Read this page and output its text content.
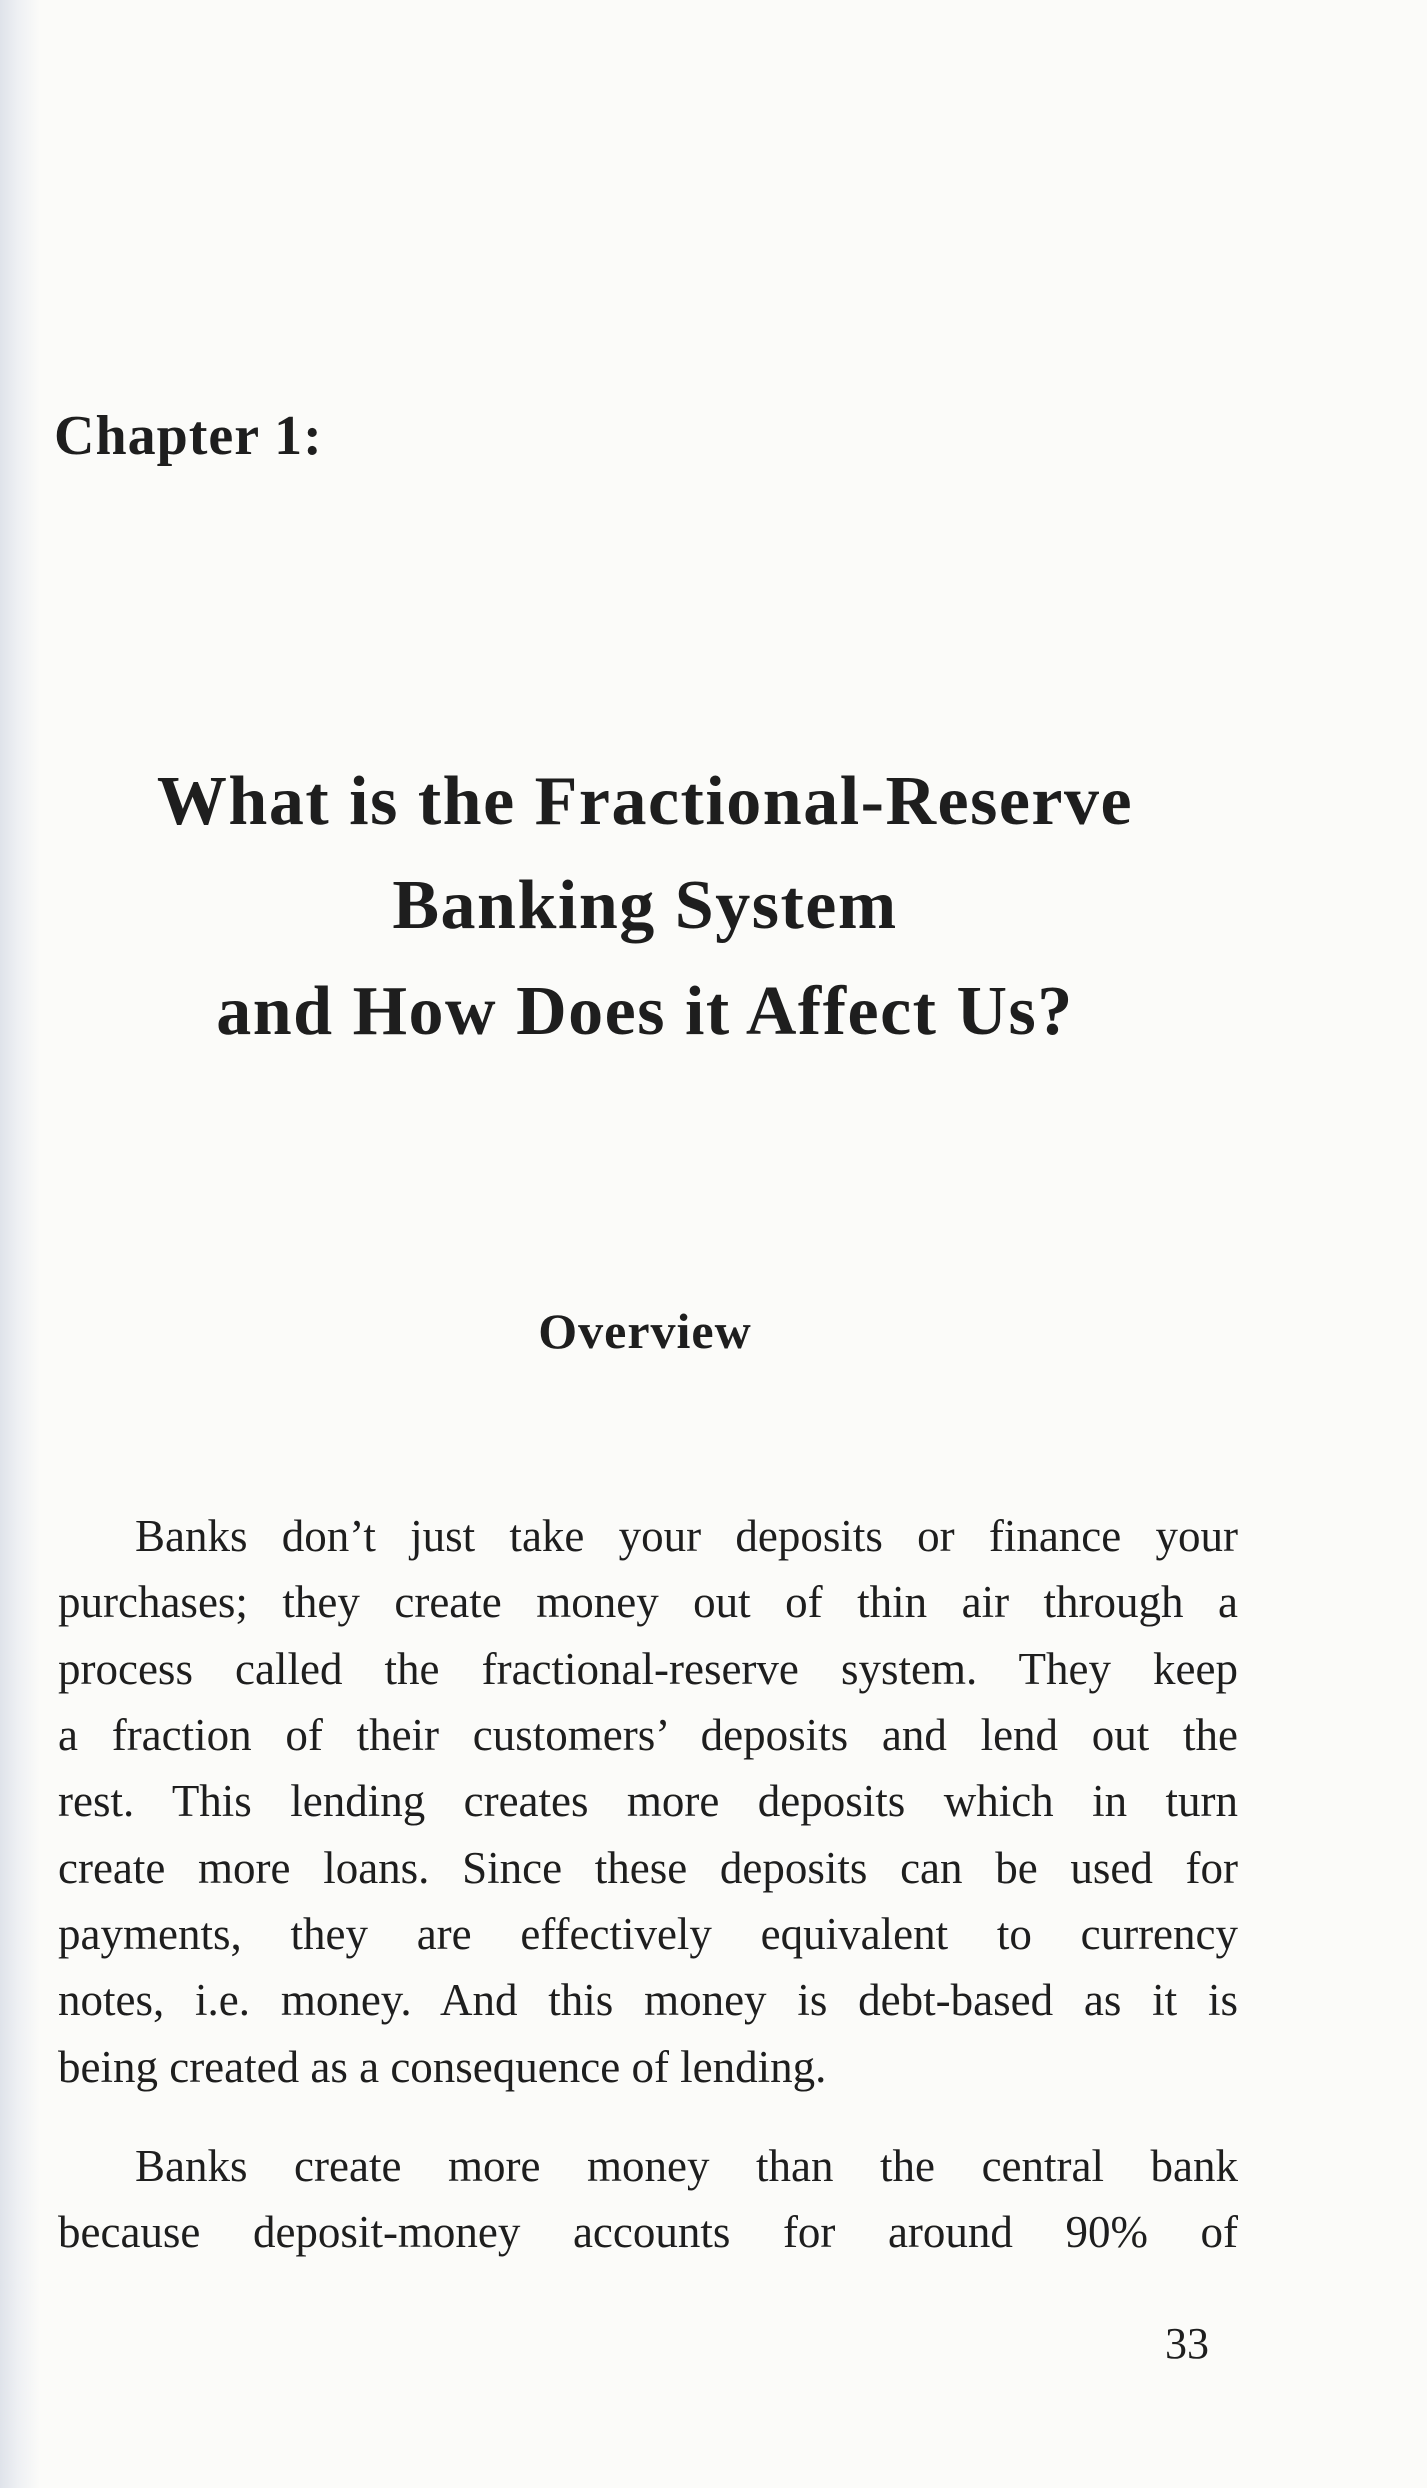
Chapter 1:
What is the Fractional-Reserve
Banking System
and How Does it Affect Us?
Overview
Banks don’t just take your deposits or finance your
purchases; they create money out of thin air through a
process called the fractional-reserve system. They keep
a fraction of their customers’ deposits and lend out the
rest. This lending creates more deposits which in turn
create more loans. Since these deposits can be used for
payments, they are effectively equivalent to currency
notes, i.e. money. And this money is debt-based as it is
being created as a consequence of lending.
Banks create more money than the central bank
because deposit-money accounts for around 90% of
33
